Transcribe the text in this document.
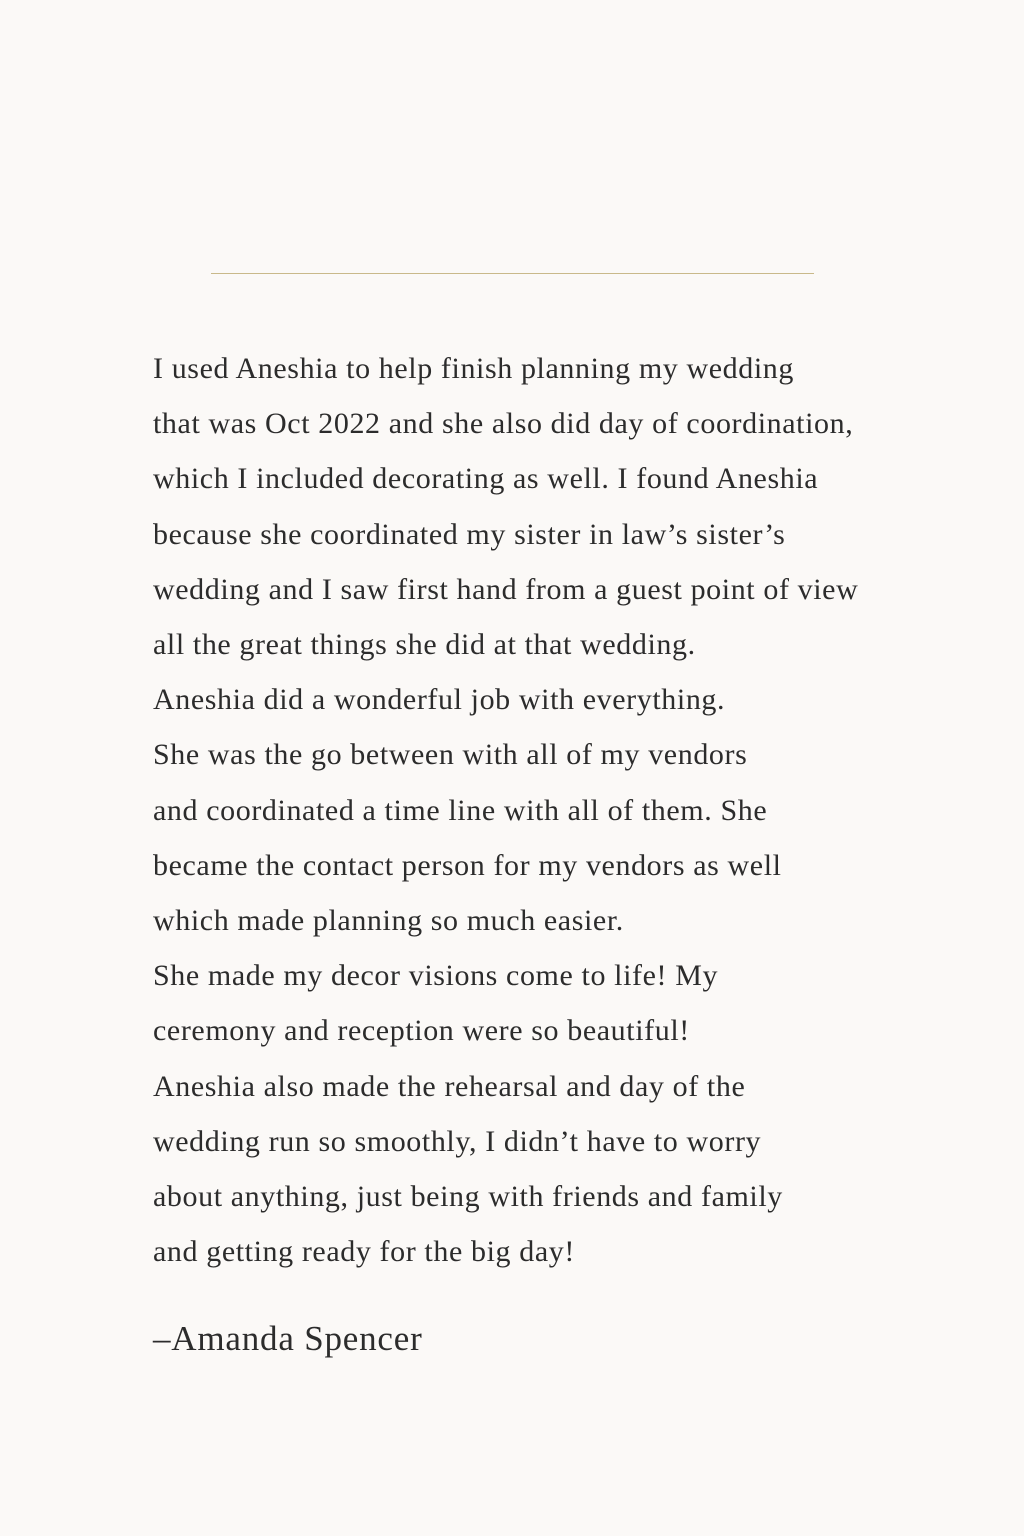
I used Aneshia to help finish planning my wedding
that was Oct 2022 and she also did day of coordination,
which I included decorating as well. I found Aneshia
because she coordinated my sister in law’s sister’s
wedding and I saw first hand from a guest point of view
all the great things she did at that wedding.
Aneshia did a wonderful job with everything.
She was the go between with all of my vendors
and coordinated a time line with all of them. She
became the contact person for my vendors as well
which made planning so much easier.
She made my decor visions come to life! My
ceremony and reception were so beautiful!
Aneshia also made the rehearsal and day of the
wedding run so smoothly, I didn’t have to worry
about anything, just being with friends and family
and getting ready for the big day!
–Amanda Spencer
